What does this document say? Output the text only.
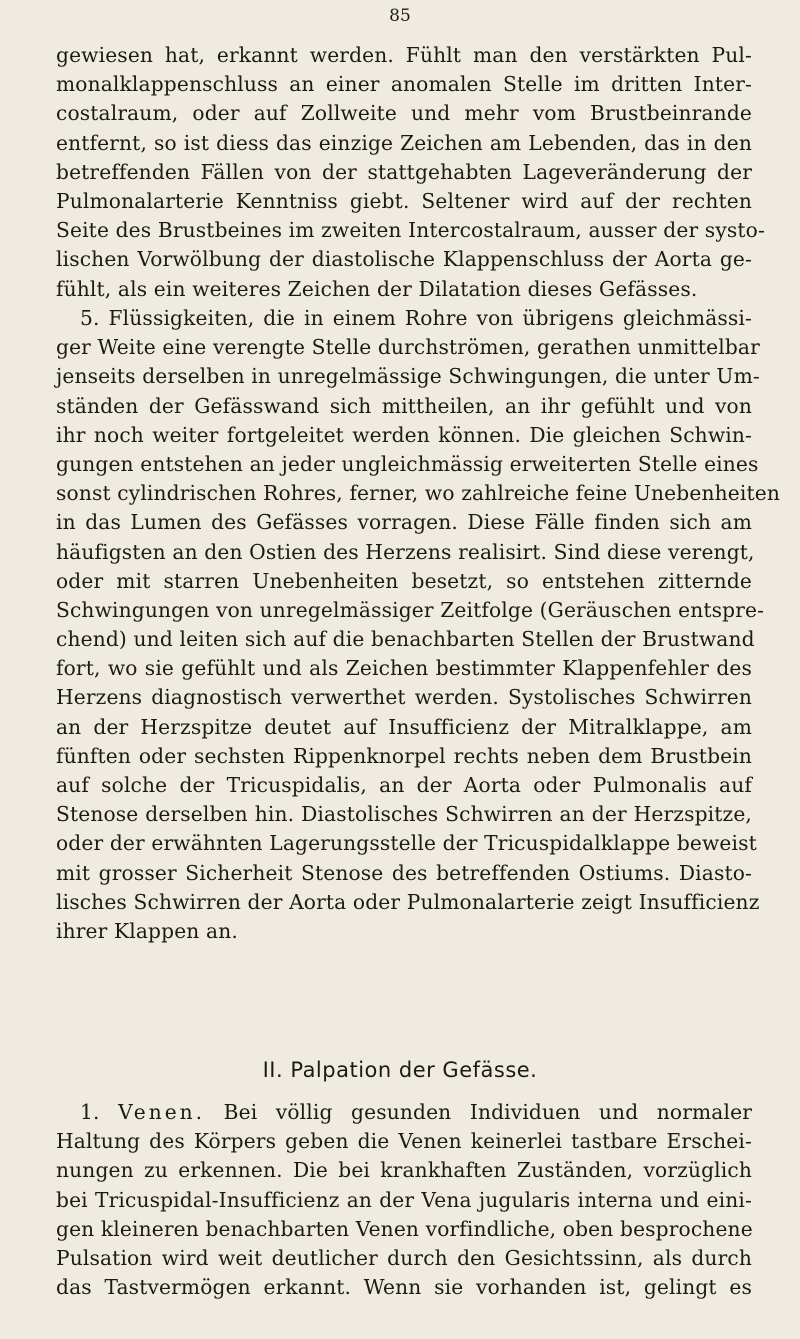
85
gewiesen hat, erkannt werden. Fühlt man den verstärkten Pul-
monalklappenschluss an einer anomalen Stelle im dritten Inter-
costalraum, oder auf Zollweite und mehr vom Brustbeinrande
entfernt, so ist diess das einzige Zeichen am Lebenden, das in den
betreffenden Fällen von der stattgehabten Lageveränderung der
Pulmonalarterie Kenntniss giebt. Seltener wird auf der rechten
Seite des Brustbeines im zweiten Intercostalraum, ausser der systo-
lischen Vorwölbung der diastolische Klappenschluss der Aorta ge-
fühlt, als ein weiteres Zeichen der Dilatation dieses Gefässes.
5. Flüssigkeiten, die in einem Rohre von übrigens gleichmässi-
ger Weite eine verengte Stelle durchströmen, gerathen unmittelbar
jenseits derselben in unregelmässige Schwingungen, die unter Um-
ständen der Gefässwand sich mittheilen, an ihr gefühlt und von
ihr noch weiter fortgeleitet werden können. Die gleichen Schwin-
gungen entstehen an jeder ungleichmässig erweiterten Stelle eines
sonst cylindrischen Rohres, ferner, wo zahlreiche feine Unebenheiten
in das Lumen des Gefässes vorragen. Diese Fälle finden sich am
häufigsten an den Ostien des Herzens realisirt. Sind diese verengt,
oder mit starren Unebenheiten besetzt, so entstehen zitternde
Schwingungen von unregelmässiger Zeitfolge (Geräuschen entspre-
chend) und leiten sich auf die benachbarten Stellen der Brustwand
fort, wo sie gefühlt und als Zeichen bestimmter Klappenfehler des
Herzens diagnostisch verwerthet werden. Systolisches Schwirren
an der Herzspitze deutet auf Insufficienz der Mitralklappe, am
fünften oder sechsten Rippenknorpel rechts neben dem Brustbein
auf solche der Tricuspidalis, an der Aorta oder Pulmonalis auf
Stenose derselben hin. Diastolisches Schwirren an der Herzspitze,
oder der erwähnten Lagerungsstelle der Tricuspidalklappe beweist
mit grosser Sicherheit Stenose des betreffenden Ostiums. Diasto-
lisches Schwirren der Aorta oder Pulmonalarterie zeigt Insufficienz
ihrer Klappen an.
II. Palpation der Gefässe.
1. Venen. Bei völlig gesunden Individuen und normaler
Haltung des Körpers geben die Venen keinerlei tastbare Erschei-
nungen zu erkennen. Die bei krankhaften Zuständen, vorzüglich
bei Tricuspidal-Insufficienz an der Vena jugularis interna und eini-
gen kleineren benachbarten Venen vorfindliche, oben besprochene
Pulsation wird weit deutlicher durch den Gesichtssinn, als durch
das Tastvermögen erkannt. Wenn sie vorhanden ist, gelingt es
